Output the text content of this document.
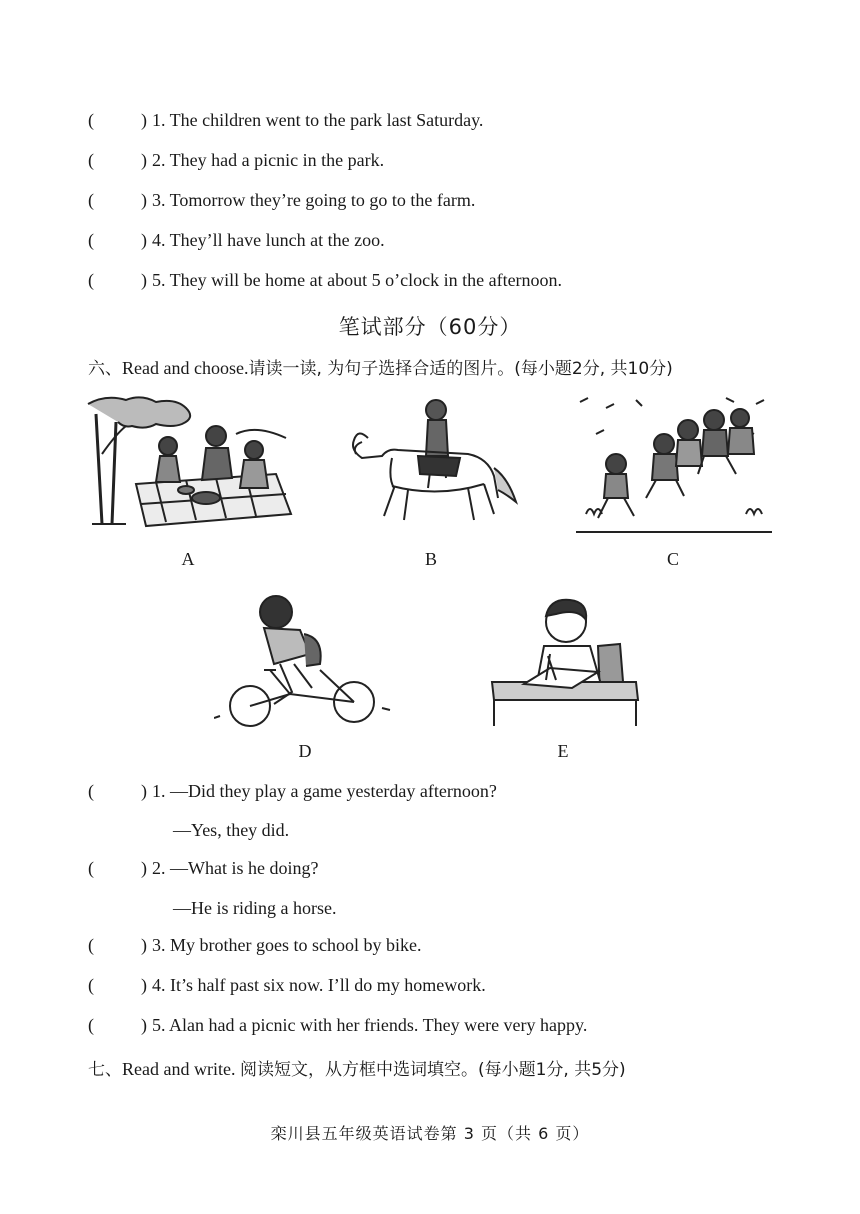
(	) 1. The children went to the park last Saturday.
(	) 2. They had a picnic in the park.
(	) 3. Tomorrow they’re going to go to the farm.
(	) 4. They’ll have lunch at the zoo.
(	) 5. They will be home at about 5 o’clock in the afternoon.
笔试部分（60分）
六、Read and choose.请读一读, 为句子选择合适的图片。(每小题2分, 共10分)
A	B	C
D	E
(	) 1. —Did they play a game yesterday afternoon?
—Yes, they did.
(	) 2. —What is he doing?
—He is riding a horse.
(	) 3. My brother goes to school by bike.
(	) 4. It’s half past six now. I’ll do my homework.
(	) 5. Alan had a picnic with her friends. They were very happy.
七、Read and write. 阅读短文，从方框中选词填空。(每小题1分, 共5分)
栾川县五年级英语试卷第 3 页（共 6 页）
